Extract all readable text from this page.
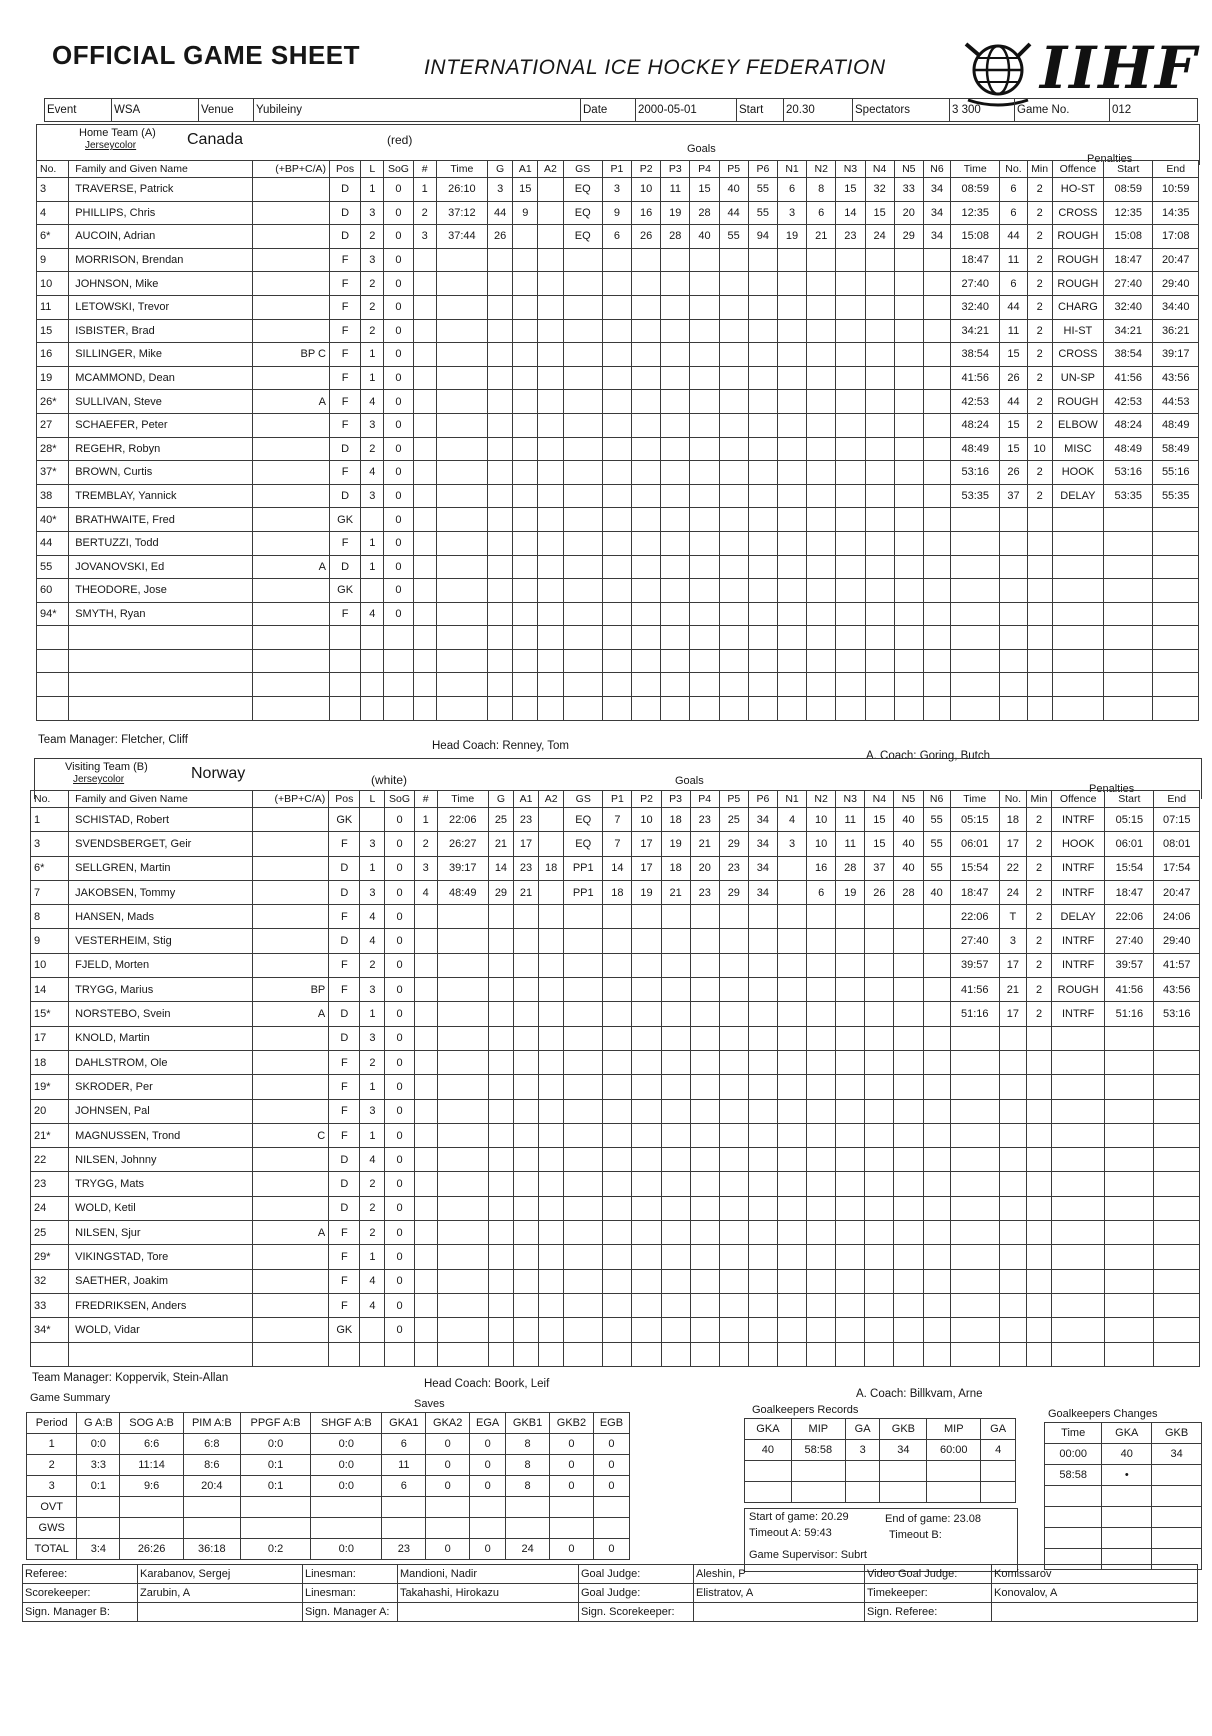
OFFICIAL GAME SHEET	INTERNATIONAL ICE HOCKEY FEDERATION	IIHF
Event	WSA	Venue	Yubileiny	Date	2000-05-01	Start	20.30	Spectators	3 300	Game No.	012
Home Team (A)
Jerseycolor	Canada	(red)
Goals
Penalties
No.	Family and Given Name	(+BP+C/A)	Pos	L	SoG	#	Time	G	A1	A2	GS	P1	P2	P3	P4	P5	P6	N1	N2	N3	N4	N5	N6	Time	No.	Min	Offence	Start	End
3	TRAVERSE, Patrick		D	1	0	1	26:10	3	15		EQ	3	10	11	15	40	55	6	8	15	32	33	34	08:59	6	2	HO-ST	08:59	10:59
4	PHILLIPS, Chris		D	3	0	2	37:12	44	9		EQ	9	16	19	28	44	55	3	6	14	15	20	34	12:35	6	2	CROSS	12:35	14:35
6*	AUCOIN, Adrian		D	2	0	3	37:44	26			EQ	6	26	28	40	55	94	19	21	23	24	29	34	15:08	44	2	ROUGH	15:08	17:08
9	MORRISON, Brendan		F	3	0																			18:47	11	2	ROUGH	18:47	20:47
10	JOHNSON, Mike		F	2	0																			27:40	6	2	ROUGH	27:40	29:40
11	LETOWSKI, Trevor		F	2	0																			32:40	44	2	CHARG	32:40	34:40
15	ISBISTER, Brad		F	2	0																			34:21	11	2	HI-ST	34:21	36:21
16	SILLINGER, Mike	BP C	F	1	0																			38:54	15	2	CROSS	38:54	39:17
19	MCAMMOND, Dean		F	1	0																			41:56	26	2	UN-SP	41:56	43:56
26*	SULLIVAN, Steve	A	F	4	0																			42:53	44	2	ROUGH	42:53	44:53
27	SCHAEFER, Peter		F	3	0																			48:24	15	2	ELBOW	48:24	48:49
28*	REGEHR, Robyn		D	2	0																			48:49	15	10	MISC	48:49	58:49
37*	BROWN, Curtis		F	4	0																			53:16	26	2	HOOK	53:16	55:16
38	TREMBLAY, Yannick		D	3	0																			53:35	37	2	DELAY	53:35	55:35
40*	BRATHWAITE, Fred		GK		0																								
44	BERTUZZI, Todd		F	1	0																								
55	JOVANOVSKI, Ed	A	D	1	0																								
60	THEODORE, Jose		GK		0																								
94*	SMYTH, Ryan		F	4	0																								

Team Manager: Fletcher, Cliff	Head Coach: Renney, Tom
A. Coach: Goring, Butch
Visiting Team (B)
Jerseycolor	Norway	(white)	Goals
Penalties
No.	Family and Given Name	(+BP+C/A)	Pos	L	SoG	#	Time	G	A1	A2	GS	P1	P2	P3	P4	P5	P6	N1	N2	N3	N4	N5	N6	Time	No.	Min	Offence	Start	End
1	SCHISTAD, Robert		GK		0	1	22:06	25	23		EQ	7	10	18	23	25	34	4	10	11	15	40	55	05:15	18	2	INTRF	05:15	07:15
3	SVENDSBERGET, Geir		F	3	0	2	26:27	21	17		EQ	7	17	19	21	29	34	3	10	11	15	40	55	06:01	17	2	HOOK	06:01	08:01
6*	SELLGREN, Martin		D	1	0	3	39:17	14	23	18	PP1	14	17	18	20	23	34		16	28	37	40	55	15:54	22	2	INTRF	15:54	17:54
7	JAKOBSEN, Tommy		D	3	0	4	48:49	29	21		PP1	18	19	21	23	29	34		6	19	26	28	40	18:47	24	2	INTRF	18:47	20:47
8	HANSEN, Mads		F	4	0																			22:06	T	2	DELAY	22:06	24:06
9	VESTERHEIM, Stig		D	4	0																			27:40	3	2	INTRF	27:40	29:40
10	FJELD, Morten		F	2	0																			39:57	17	2	INTRF	39:57	41:57
14	TRYGG, Marius	BP	F	3	0																			41:56	21	2	ROUGH	41:56	43:56
15*	NORSTEBO, Svein	A	D	1	0																			51:16	17	2	INTRF	51:16	53:16
17	KNOLD, Martin		D	3	0																								
18	DAHLSTROM, Ole		F	2	0																								
19*	SKRODER, Per		F	1	0																								
20	JOHNSEN, Pal		F	3	0																								
21*	MAGNUSSEN, Trond	C	F	1	0																								
22	NILSEN, Johnny		D	4	0																								
23	TRYGG, Mats		D	2	0																								
24	WOLD, Ketil		D	2	0																								
25	NILSEN, Sjur	A	F	2	0																								
29*	VIKINGSTAD, Tore		F	1	0																								
32	SAETHER, Joakim		F	4	0																								
33	FREDRIKSEN, Anders		F	4	0																								
34*	WOLD, Vidar		GK		0																								

Team Manager: Koppervik, Stein-Allan	Head Coach: Boork, Leif
A. Coach: Billkvam, Arne
Game Summary	Saves
Period	G A:B	SOG A:B	PIM A:B	PPGF A:B	SHGF A:B	GKA1	GKA2	EGA	GKB1	GKB2	EGB
1	0:0	6:6	6:8	0:0	0:0	6	0	0	8	0	0
2	3:3	11:14	8:6	0:1	0:0	11	0	0	8	0	0
3	0:1	9:6	20:4	0:1	0:0	6	0	0	8	0	0
OVT											
GWS											
TOTAL	3:4	26:26	36:18	0:2	0:0	23	0	0	24	0	0
Goalkeepers Records
GKA	MIP	GA	GKB	MIP	GA
40	58:58	3	34	60:00	4

Start of game: 20.29	End of game: 23.08
Timeout A: 59:43	Timeout B:
Game Supervisor: Subrt
Goalkeepers Changes
Time	GKA	GKB
00:00	40	34
58:58	•	

Referee:	Karabanov, Sergej	Linesman:	Mandioni, Nadir	Goal Judge:	Aleshin, P	Video Goal Judge:	Komissarov
Scorekeeper:	Zarubin, A	Linesman:	Takahashi, Hirokazu	Goal Judge:	Elistratov, A	Timekeeper:	Konovalov, A
Sign. Manager B:		Sign. Manager A:		Sign. Scorekeeper:		Sign. Referee:	
